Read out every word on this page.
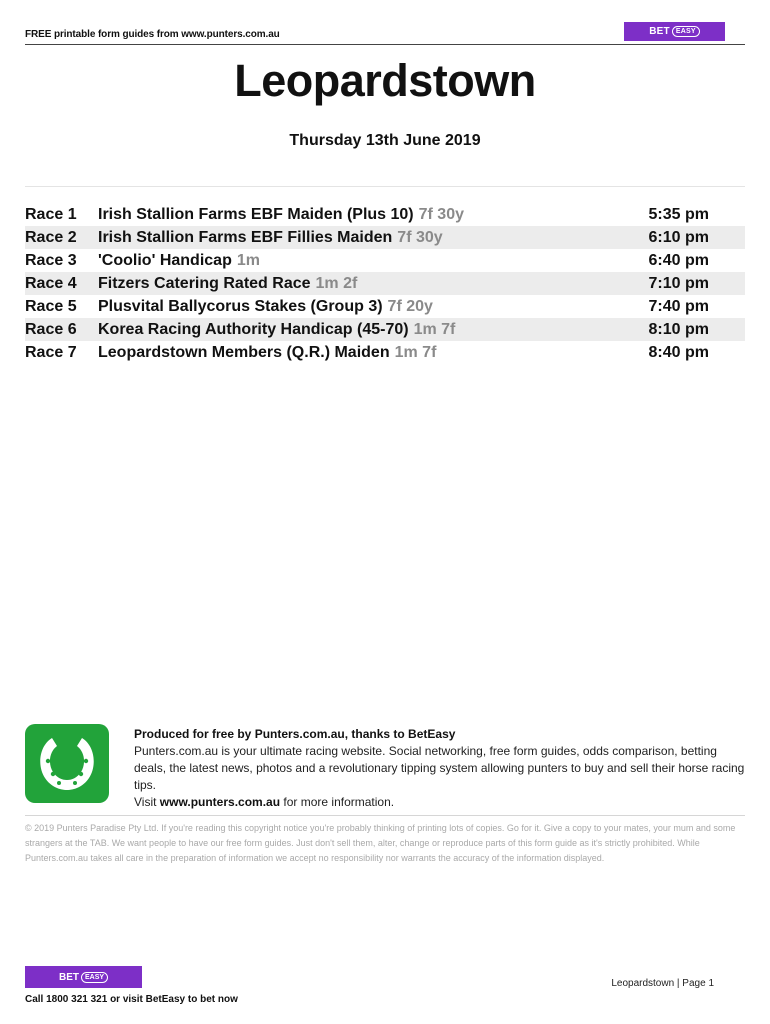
FREE printable form guides from www.punters.com.au	BET EASY
Leopardstown
Thursday 13th June 2019
Race 1	Irish Stallion Farms EBF Maiden (Plus 10) 7f 30y	5:35 pm
Race 2	Irish Stallion Farms EBF Fillies Maiden 7f 30y	6:10 pm
Race 3	'Coolio' Handicap 1m	6:40 pm
Race 4	Fitzers Catering Rated Race 1m 2f	7:10 pm
Race 5	Plusvital Ballycorus Stakes (Group 3) 7f 20y	7:40 pm
Race 6	Korea Racing Authority Handicap (45-70) 1m 7f	8:10 pm
Race 7	Leopardstown Members (Q.R.) Maiden 1m 7f	8:40 pm
Produced for free by Punters.com.au, thanks to BetEasy
Punters.com.au is your ultimate racing website. Social networking, free form guides, odds comparison, betting deals, the latest news, photos and a revolutionary tipping system allowing punters to buy and sell their horse racing tips.
Visit www.punters.com.au for more information.
© 2019 Punters Paradise Pty Ltd. If you're reading this copyright notice you're probably thinking of printing lots of copies. Go for it. Give a copy to your mates, your mum and some strangers at the TAB. We want people to have our free form guides. Just don't sell them, alter, change or reproduce parts of this form guide as it's strictly prohibited. While Punters.com.au takes all care in the preparation of information we accept no responsibility nor warrants the accuracy of the information displayed.
BET EASY
Call 1800 321 321 or visit BetEasy to bet now
Leopardstown | Page 1
